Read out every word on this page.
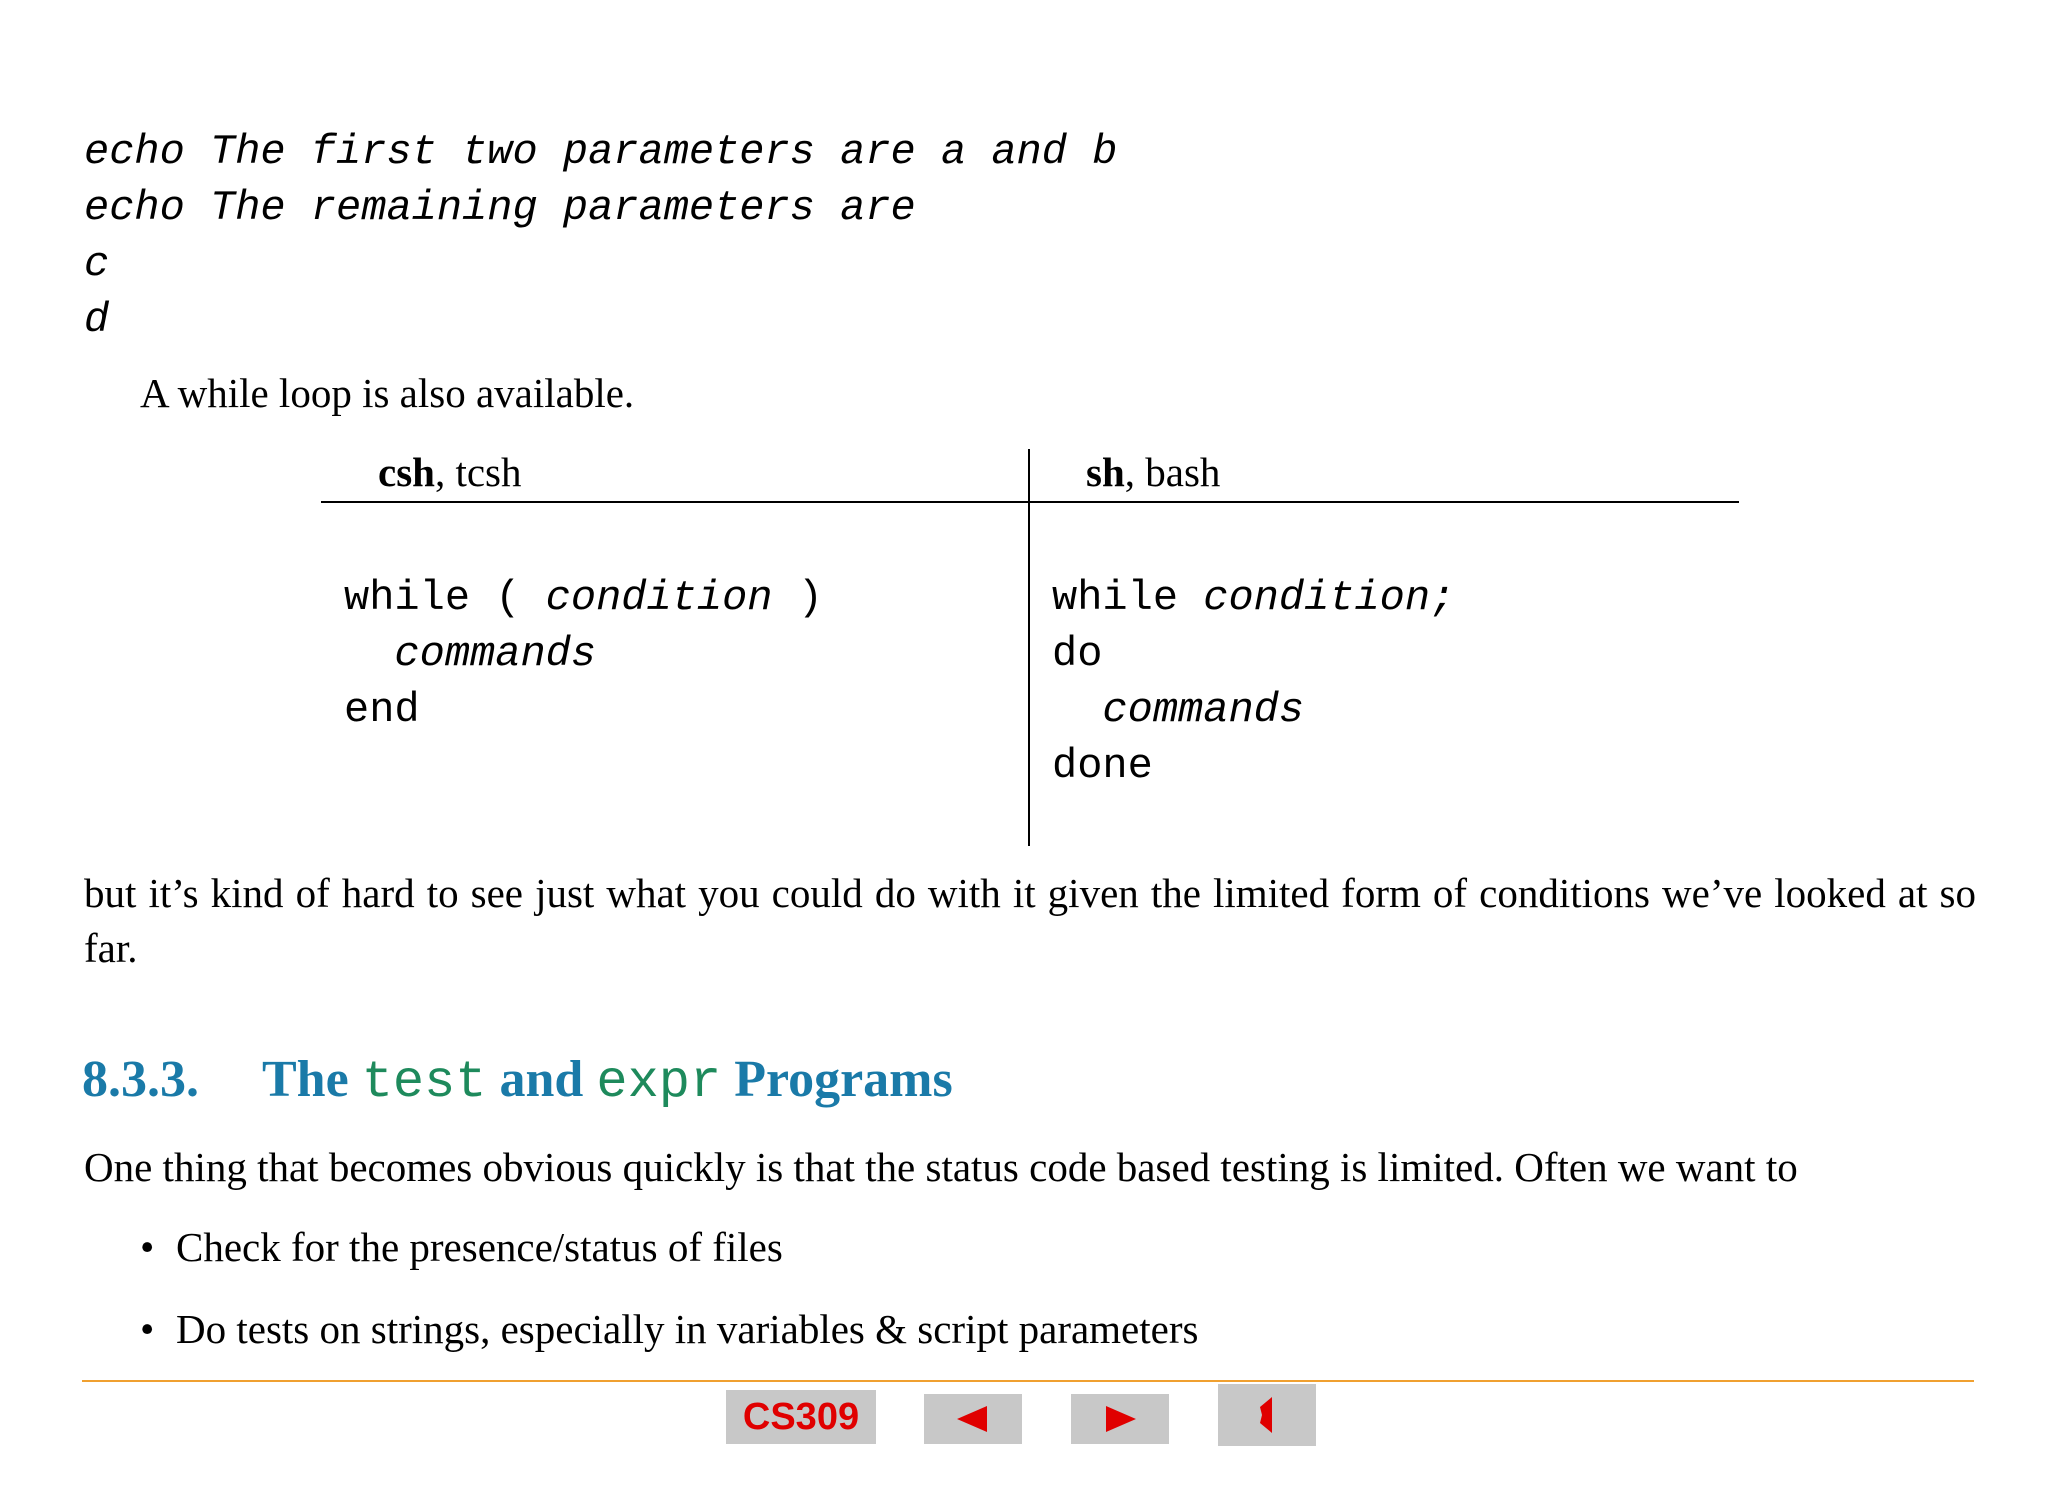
echo The first two parameters are a and b
echo The remaining parameters are
c
d
A while loop is also available.
csh, tcsh	sh, bash
while ( condition )
commands
end
while condition;
do
commands
done
but it’s kind of hard to see just what you could do with it given the limited form of conditions we’ve looked at so far.
8.3.3. The test and expr Programs
One thing that becomes obvious quickly is that the status code based testing is limited. Often we want to
• Check for the presence/status of files
• Do tests on strings, especially in variables & script parameters
CS309
